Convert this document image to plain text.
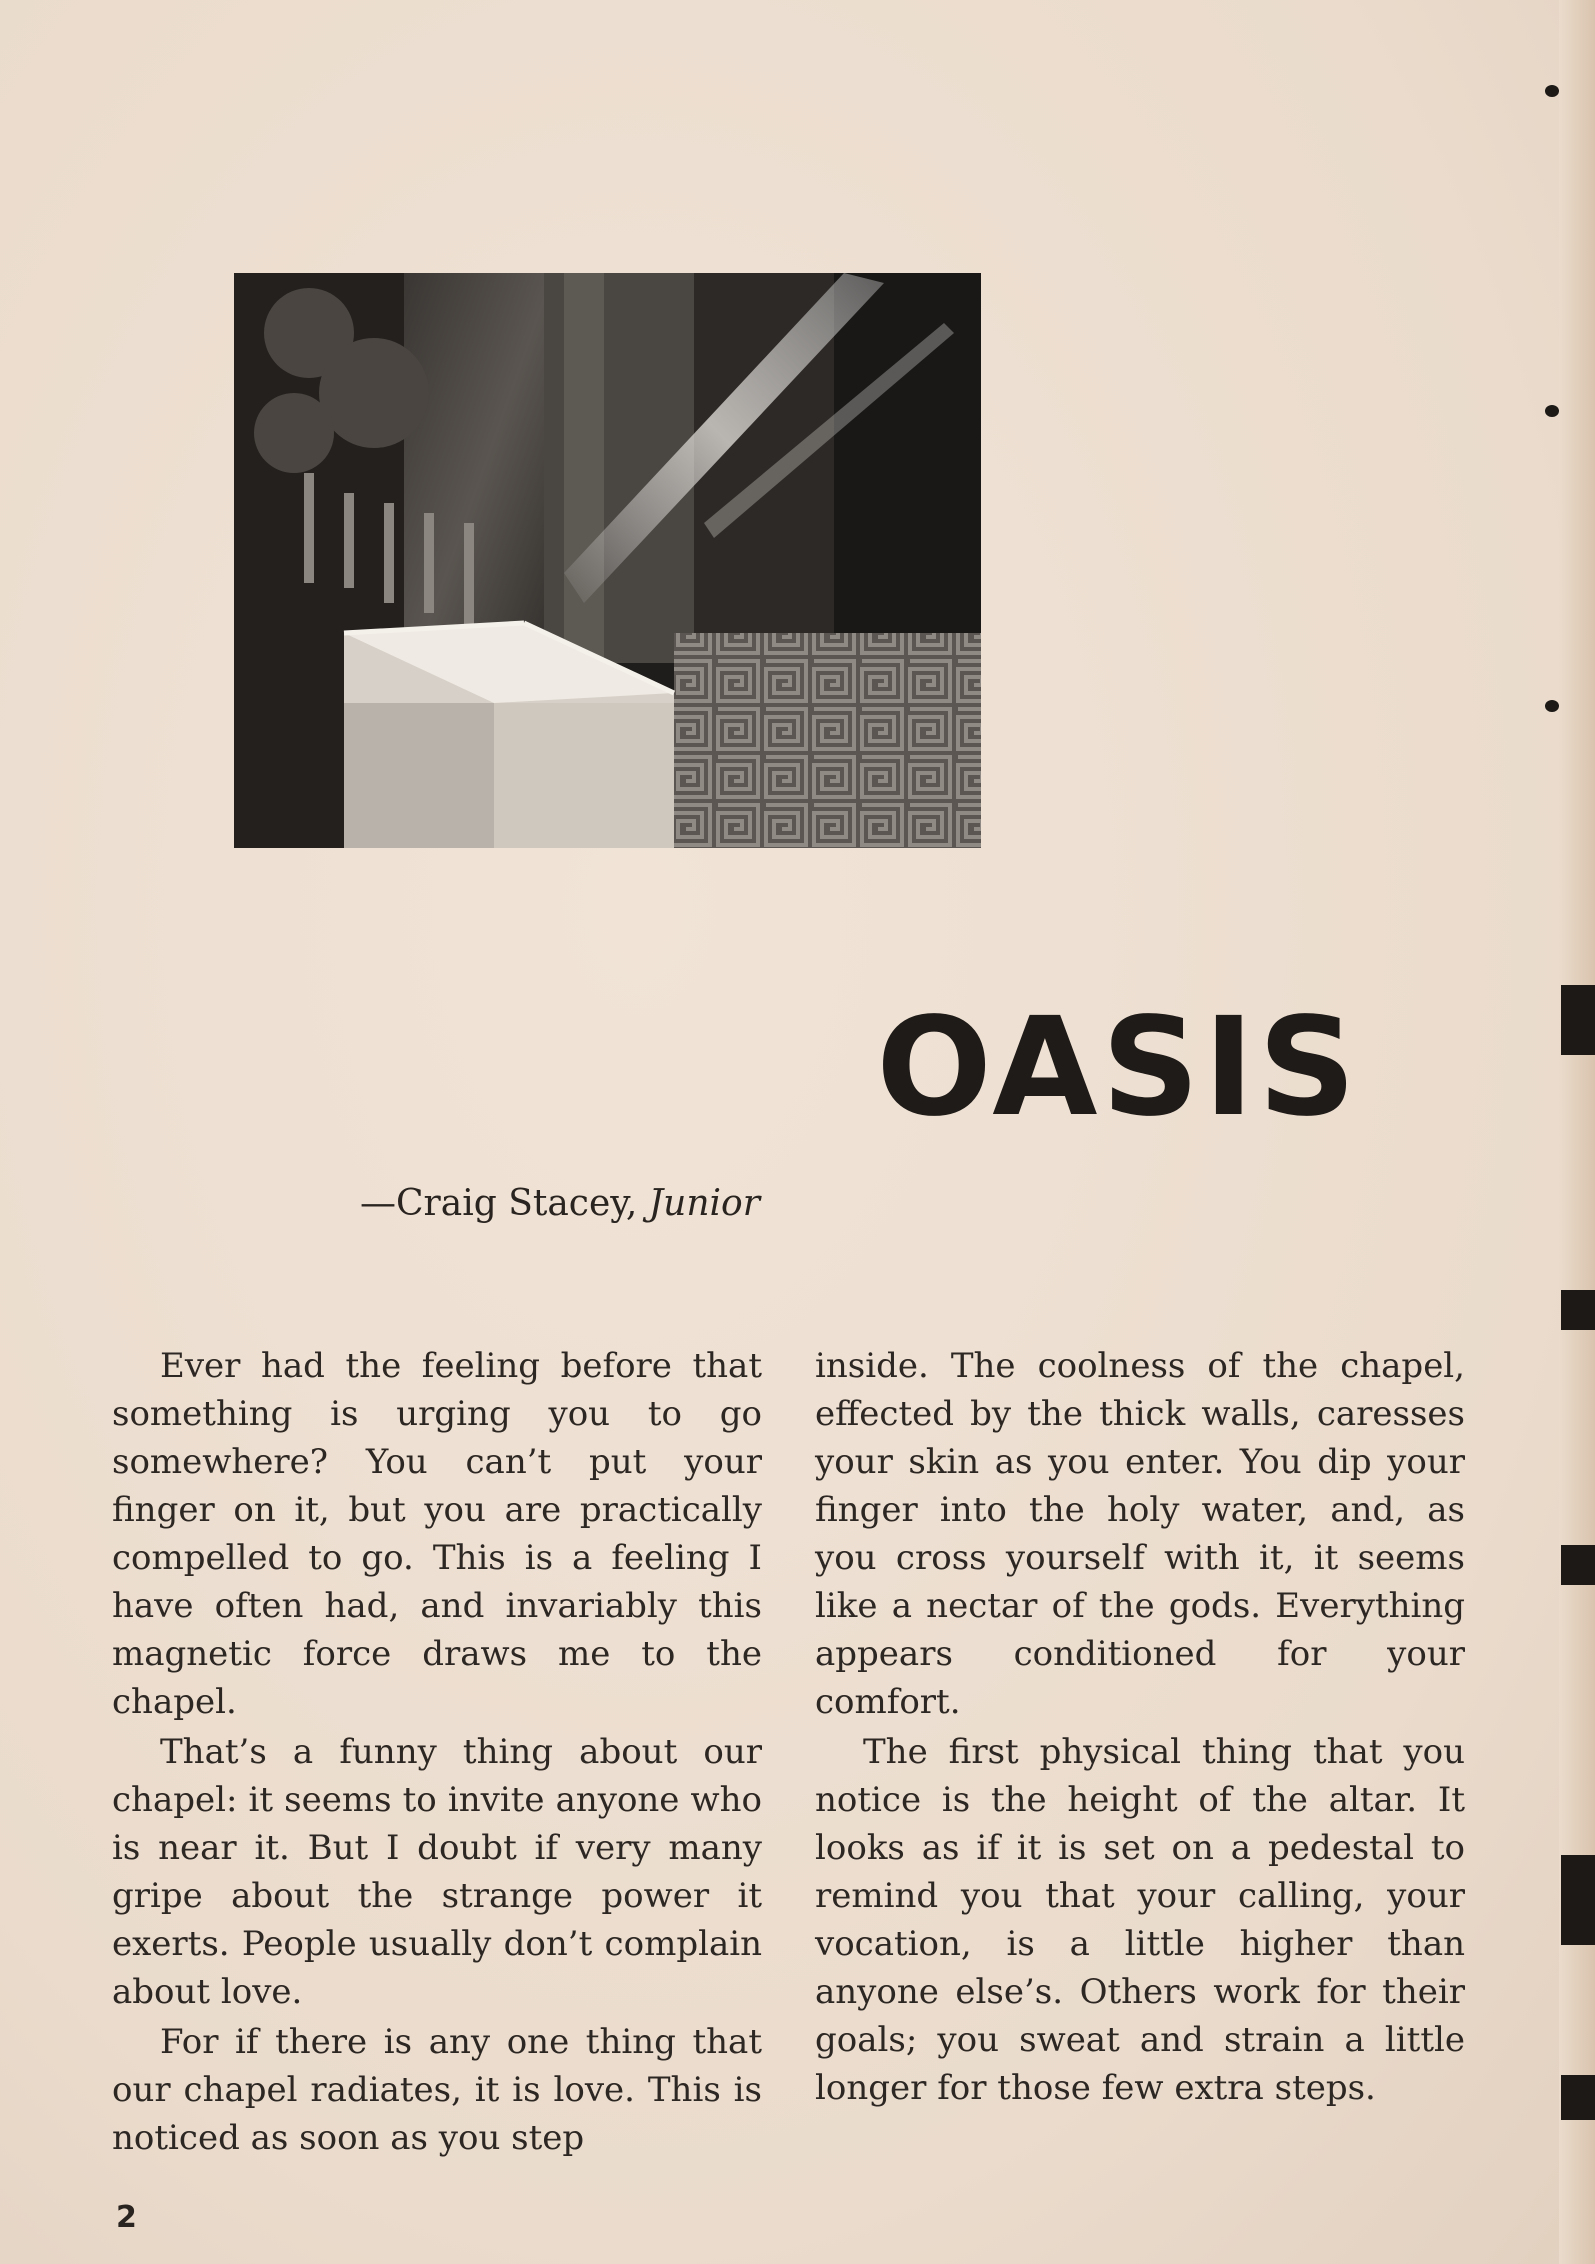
OASIS
—Craig Stacey, Junior

Ever had the feeling before that something is urging you to go somewhere? You can’t put your finger on it, but you are practically compelled to go. This is a feeling I have often had, and invariably this magnetic force draws me to the chapel.

That’s a funny thing about our chapel: it seems to invite anyone who is near it. But I doubt if very many gripe about the strange power it exerts. People usually don’t complain about love.

For if there is any one thing that our chapel radiates, it is love. This is noticed as soon as you step

inside. The coolness of the chapel, effected by the thick walls, caresses your skin as you enter. You dip your finger into the holy water, and, as you cross yourself with it, it seems like a nectar of the gods. Everything appears conditioned for your comfort.

The first physical thing that you notice is the height of the altar. It looks as if it is set on a pedestal to remind you that your calling, your vocation, is a little higher than anyone else’s. Others work for their goals; you sweat and strain a little longer for those few extra steps.

2
